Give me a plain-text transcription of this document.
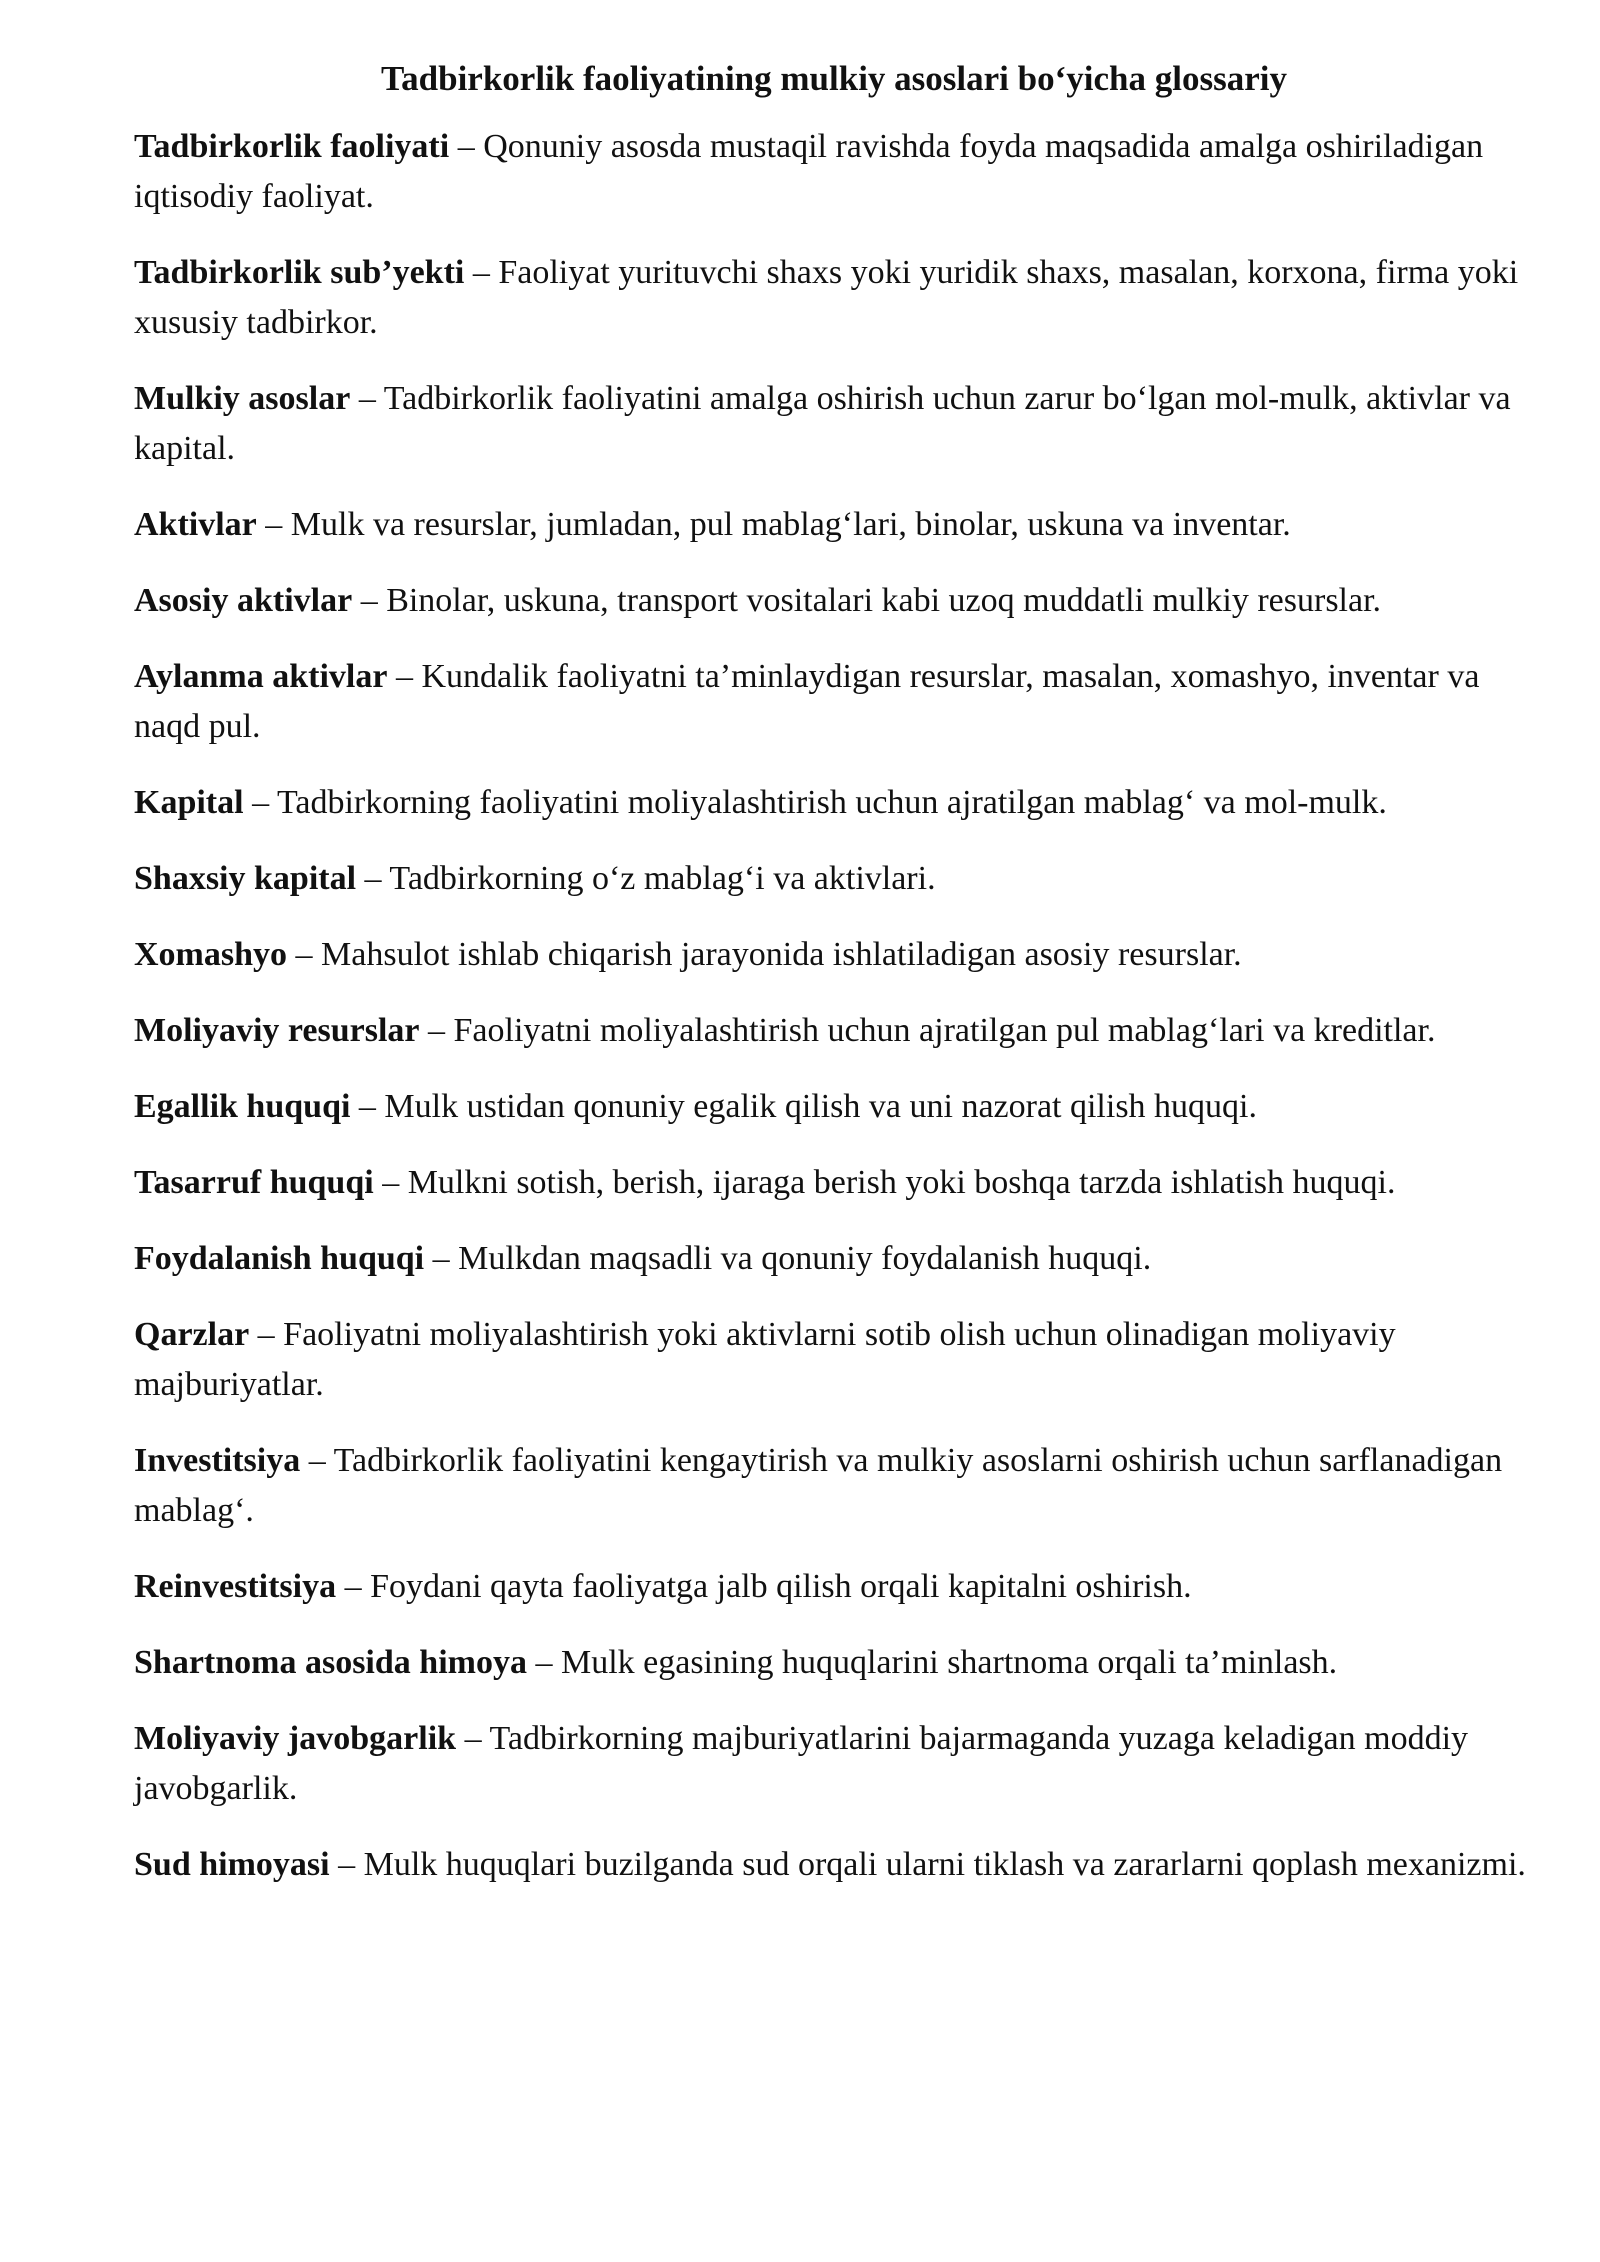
Tadbirkorlik faoliyatining mulkiy asoslari bo‘yicha glossariy

Tadbirkorlik faoliyati – Qonuniy asosda mustaqil ravishda foyda maqsadida amalga oshiriladigan iqtisodiy faoliyat.

Tadbirkorlik sub’yekti – Faoliyat yurituvchi shaxs yoki yuridik shaxs, masalan, korxona, firma yoki xususiy tadbirkor.

Mulkiy asoslar – Tadbirkorlik faoliyatini amalga oshirish uchun zarur bo‘lgan mol-mulk, aktivlar va kapital.

Aktivlar – Mulk va resurslar, jumladan, pul mablag‘lari, binolar, uskuna va inventar.

Asosiy aktivlar – Binolar, uskuna, transport vositalari kabi uzoq muddatli mulkiy resurslar.

Aylanma aktivlar – Kundalik faoliyatni ta’minlaydigan resurslar, masalan, xomashyo, inventar va naqd pul.

Kapital – Tadbirkorning faoliyatini moliyalashtirish uchun ajratilgan mablag‘ va mol-mulk.

Shaxsiy kapital – Tadbirkorning o‘z mablag‘i va aktivlari.

Xomashyo – Mahsulot ishlab chiqarish jarayonida ishlatiladigan asosiy resurslar.

Moliyaviy resurslar – Faoliyatni moliyalashtirish uchun ajratilgan pul mablag‘lari va kreditlar.

Egallik huquqi – Mulk ustidan qonuniy egalik qilish va uni nazorat qilish huquqi.

Tasarruf huquqi – Mulkni sotish, berish, ijaraga berish yoki boshqa tarzda ishlatish huquqi.

Foydalanish huquqi – Mulkdan maqsadli va qonuniy foydalanish huquqi.

Qarzlar – Faoliyatni moliyalashtirish yoki aktivlarni sotib olish uchun olinadigan moliyaviy majburiyatlar.

Investitsiya – Tadbirkorlik faoliyatini kengaytirish va mulkiy asoslarni oshirish uchun sarflanadigan mablag‘.

Reinvestitsiya – Foydani qayta faoliyatga jalb qilish orqali kapitalni oshirish.

Shartnoma asosida himoya – Mulk egasining huquqlarini shartnoma orqali ta’minlash.

Moliyaviy javobgarlik – Tadbirkorning majburiyatlarini bajarmaganda yuzaga keladigan moddiy javobgarlik.

Sud himoyasi – Mulk huquqlari buzilganda sud orqali ularni tiklash va zararlarni qoplash mexanizmi.
